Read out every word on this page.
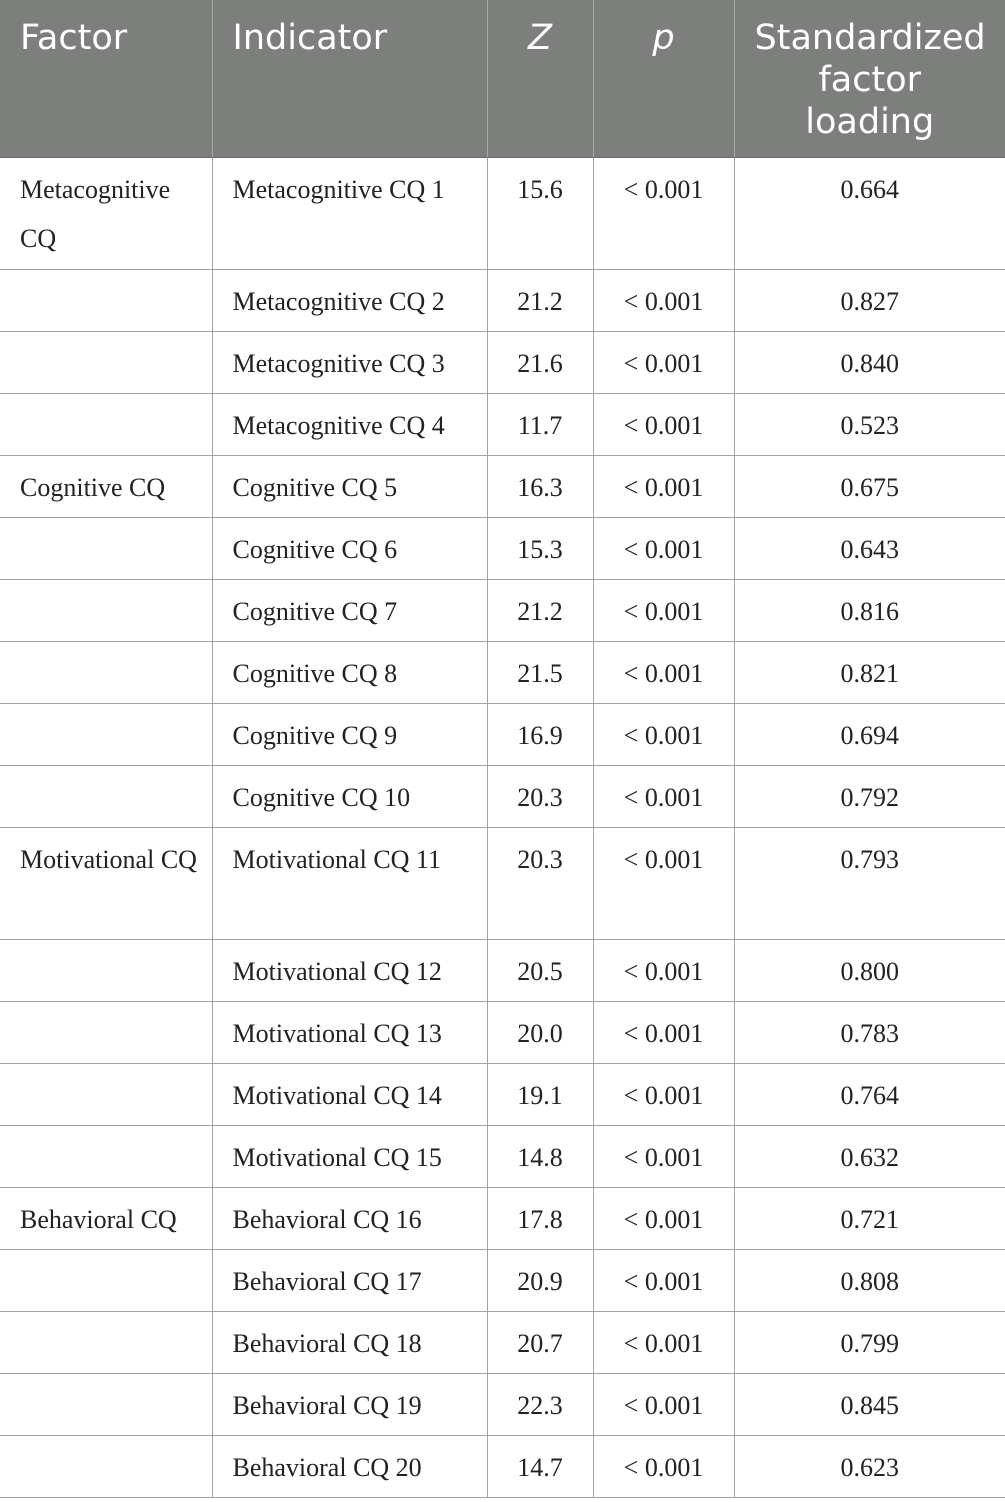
Factor	Indicator	Z	p	Standardized factor loading
Metacognitive CQ	Metacognitive CQ 1	15.6	< 0.001	0.664
	Metacognitive CQ 2	21.2	< 0.001	0.827
	Metacognitive CQ 3	21.6	< 0.001	0.840
	Metacognitive CQ 4	11.7	< 0.001	0.523
Cognitive CQ	Cognitive CQ 5	16.3	< 0.001	0.675
	Cognitive CQ 6	15.3	< 0.001	0.643
	Cognitive CQ 7	21.2	< 0.001	0.816
	Cognitive CQ 8	21.5	< 0.001	0.821
	Cognitive CQ 9	16.9	< 0.001	0.694
	Cognitive CQ 10	20.3	< 0.001	0.792
Motivational CQ	Motivational CQ 11	20.3	< 0.001	0.793
	Motivational CQ 12	20.5	< 0.001	0.800
	Motivational CQ 13	20.0	< 0.001	0.783
	Motivational CQ 14	19.1	< 0.001	0.764
	Motivational CQ 15	14.8	< 0.001	0.632
Behavioral CQ	Behavioral CQ 16	17.8	< 0.001	0.721
	Behavioral CQ 17	20.9	< 0.001	0.808
	Behavioral CQ 18	20.7	< 0.001	0.799
	Behavioral CQ 19	22.3	< 0.001	0.845
	Behavioral CQ 20	14.7	< 0.001	0.623
